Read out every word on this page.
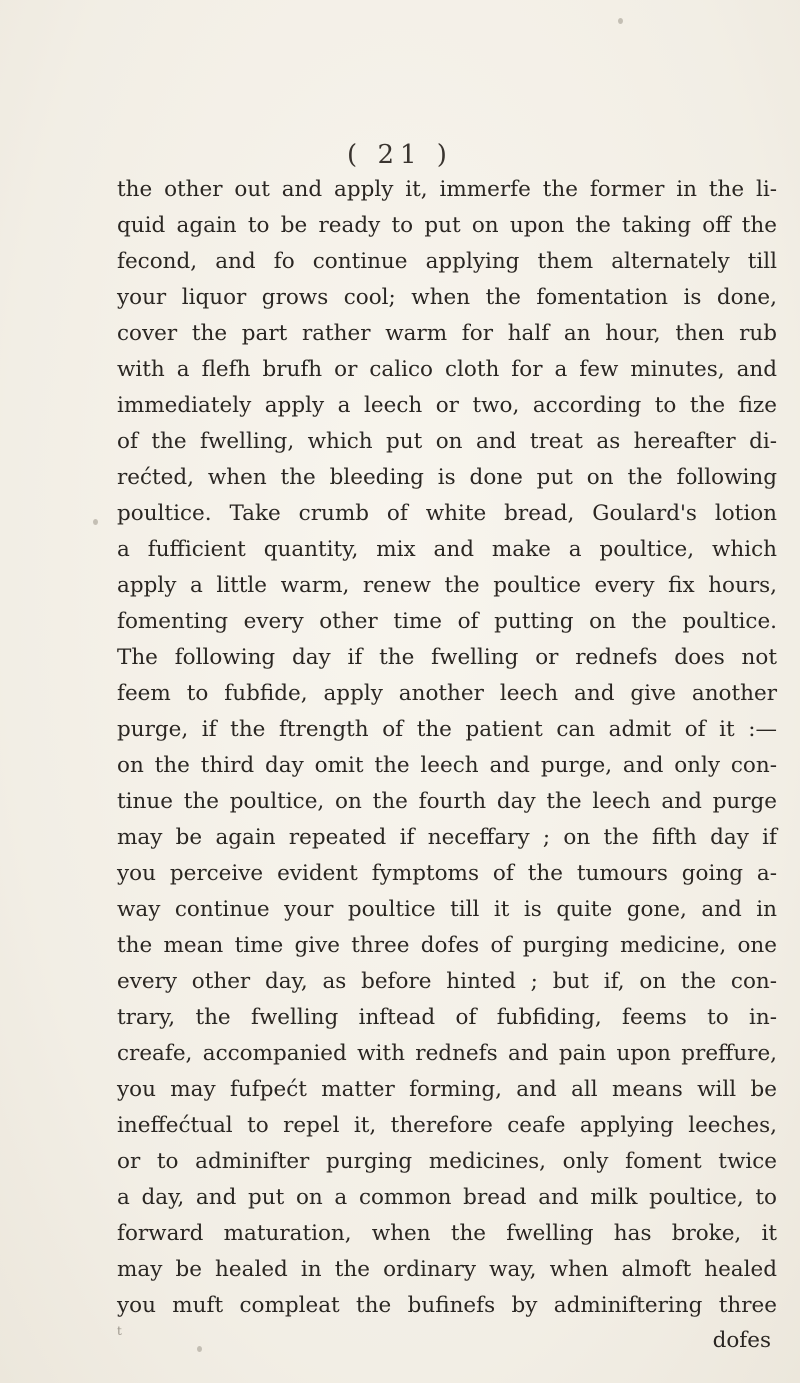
( 21 )
the other out and apply it, immerfe the former in the li-
quid again to be ready to put on upon the taking off the
fecond, and fo continue applying them alternately till
your liquor grows cool; when the fomentation is done,
cover the part rather warm for half an hour, then rub
with a flefh brufh or calico cloth for a few minutes, and
immediately apply a leech or two, according to the fize
of the fwelling, which put on and treat as hereafter di-
rećted, when the bleeding is done put on the following
poultice. Take crumb of white bread, Goulard's lotion
a fufficient quantity, mix and make a poultice, which
apply a little warm, renew the poultice every fix hours,
fomenting every other time of putting on the poultice.
The following day if the fwelling or rednefs does not
feem to fubfide, apply another leech and give another
purge, if the ftrength of the patient can admit of it :—
on the third day omit the leech and purge, and only con-
tinue the poultice, on the fourth day the leech and purge
may be again repeated if neceffary ; on the fifth day if
you perceive evident fymptoms of the tumours going a-
way continue your poultice till it is quite gone, and in
the mean time give three dofes of purging medicine, one
every other day, as before hinted ; but if, on the con-
trary, the fwelling inftead of fubfiding, feems to in-
creafe, accompanied with rednefs and pain upon preffure,
you may fufpećt matter forming, and all means will be
ineffećtual to repel it, therefore ceafe applying leeches,
or to adminifter purging medicines, only foment twice
a day, and put on a common bread and milk poultice, to
forward maturation, when the fwelling has broke, it
may be healed in the ordinary way, when almoft healed
you muft compleat the bufinefs by adminiftering three
t	dofes
